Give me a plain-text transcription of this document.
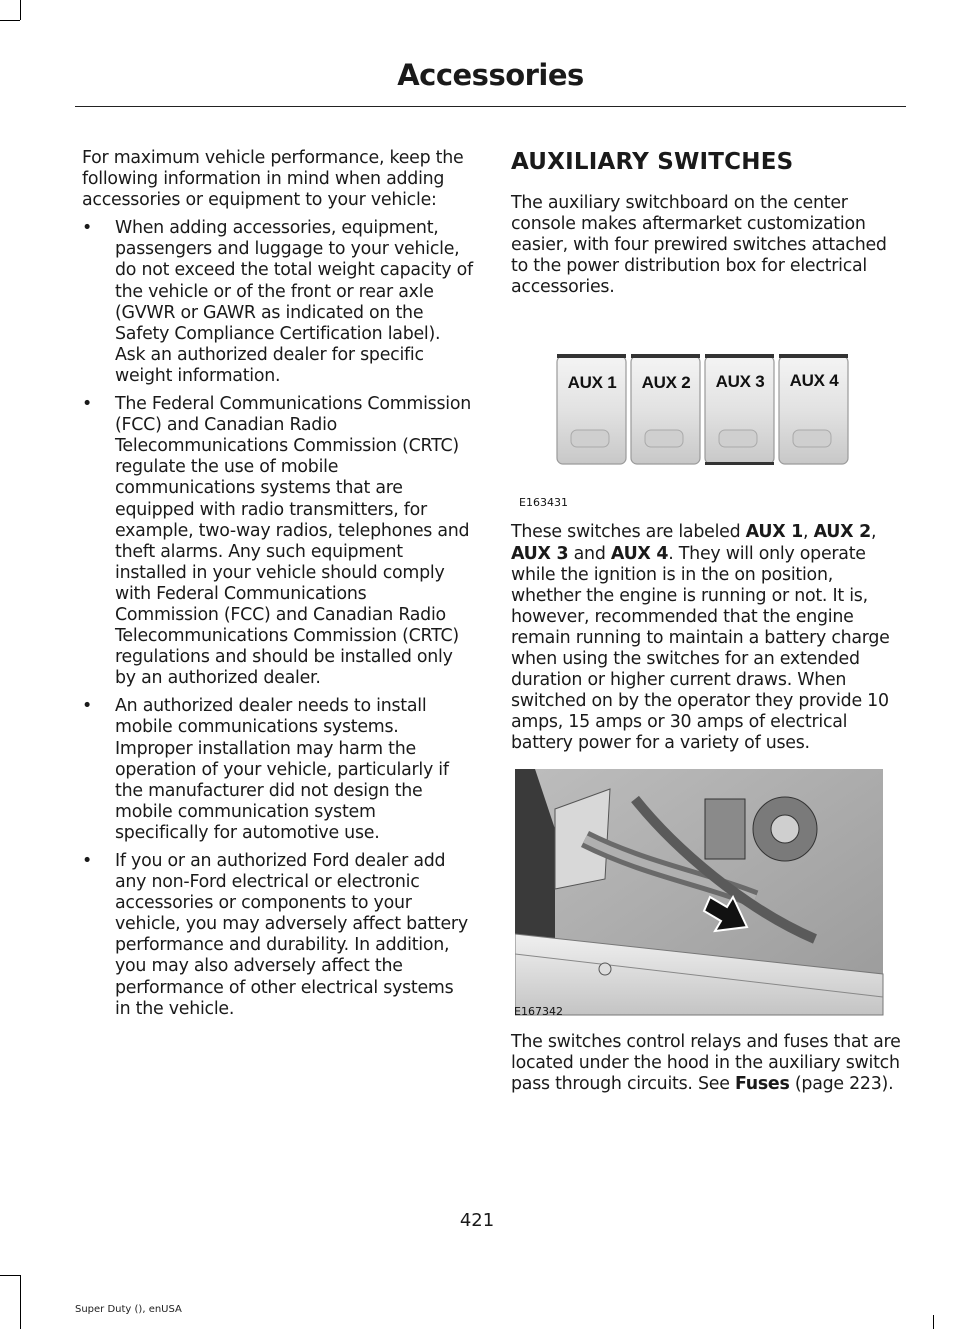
Accessories

For maximum vehicle performance, keep the following information in mind when adding accessories or equipment to your vehicle:

• When adding accessories, equipment, passengers and luggage to your vehicle, do not exceed the total weight capacity of the vehicle or of the front or rear axle (GVWR or GAWR as indicated on the Safety Compliance Certification label). Ask an authorized dealer for specific weight information.
• The Federal Communications Commission (FCC) and Canadian Radio Telecommunications Commission (CRTC) regulate the use of mobile communications systems that are equipped with radio transmitters, for example, two-way radios, telephones and theft alarms. Any such equipment installed in your vehicle should comply with Federal Communications Commission (FCC) and Canadian Radio Telecommunications Commission (CRTC) regulations and should be installed only by an authorized dealer.
• An authorized dealer needs to install mobile communications systems. Improper installation may harm the operation of your vehicle, particularly if the manufacturer did not design the mobile communication system specifically for automotive use.
• If you or an authorized Ford dealer add any non-Ford electrical or electronic accessories or components to your vehicle, you may adversely affect battery performance and durability. In addition, you may also adversely affect the performance of other electrical systems in the vehicle.
AUXILIARY SWITCHES

The auxiliary switchboard on the center console makes aftermarket customization easier, with four prewired switches attached to the power distribution box for electrical accessories.

AUX 1 AUX 2 AUX 3 AUX 4
E163431

These switches are labeled AUX 1, AUX 2, AUX 3 and AUX 4. They will only operate while the ignition is in the on position, whether the engine is running or not. It is, however, recommended that the engine remain running to maintain a battery charge when using the switches for an extended duration or higher current draws. When switched on by the operator they provide 10 amps, 15 amps or 30 amps of electrical battery power for a variety of uses.

E167342

The switches control relays and fuses that are located under the hood in the auxiliary switch pass through circuits. See Fuses (page 223).

421
Super Duty (), enUSA
